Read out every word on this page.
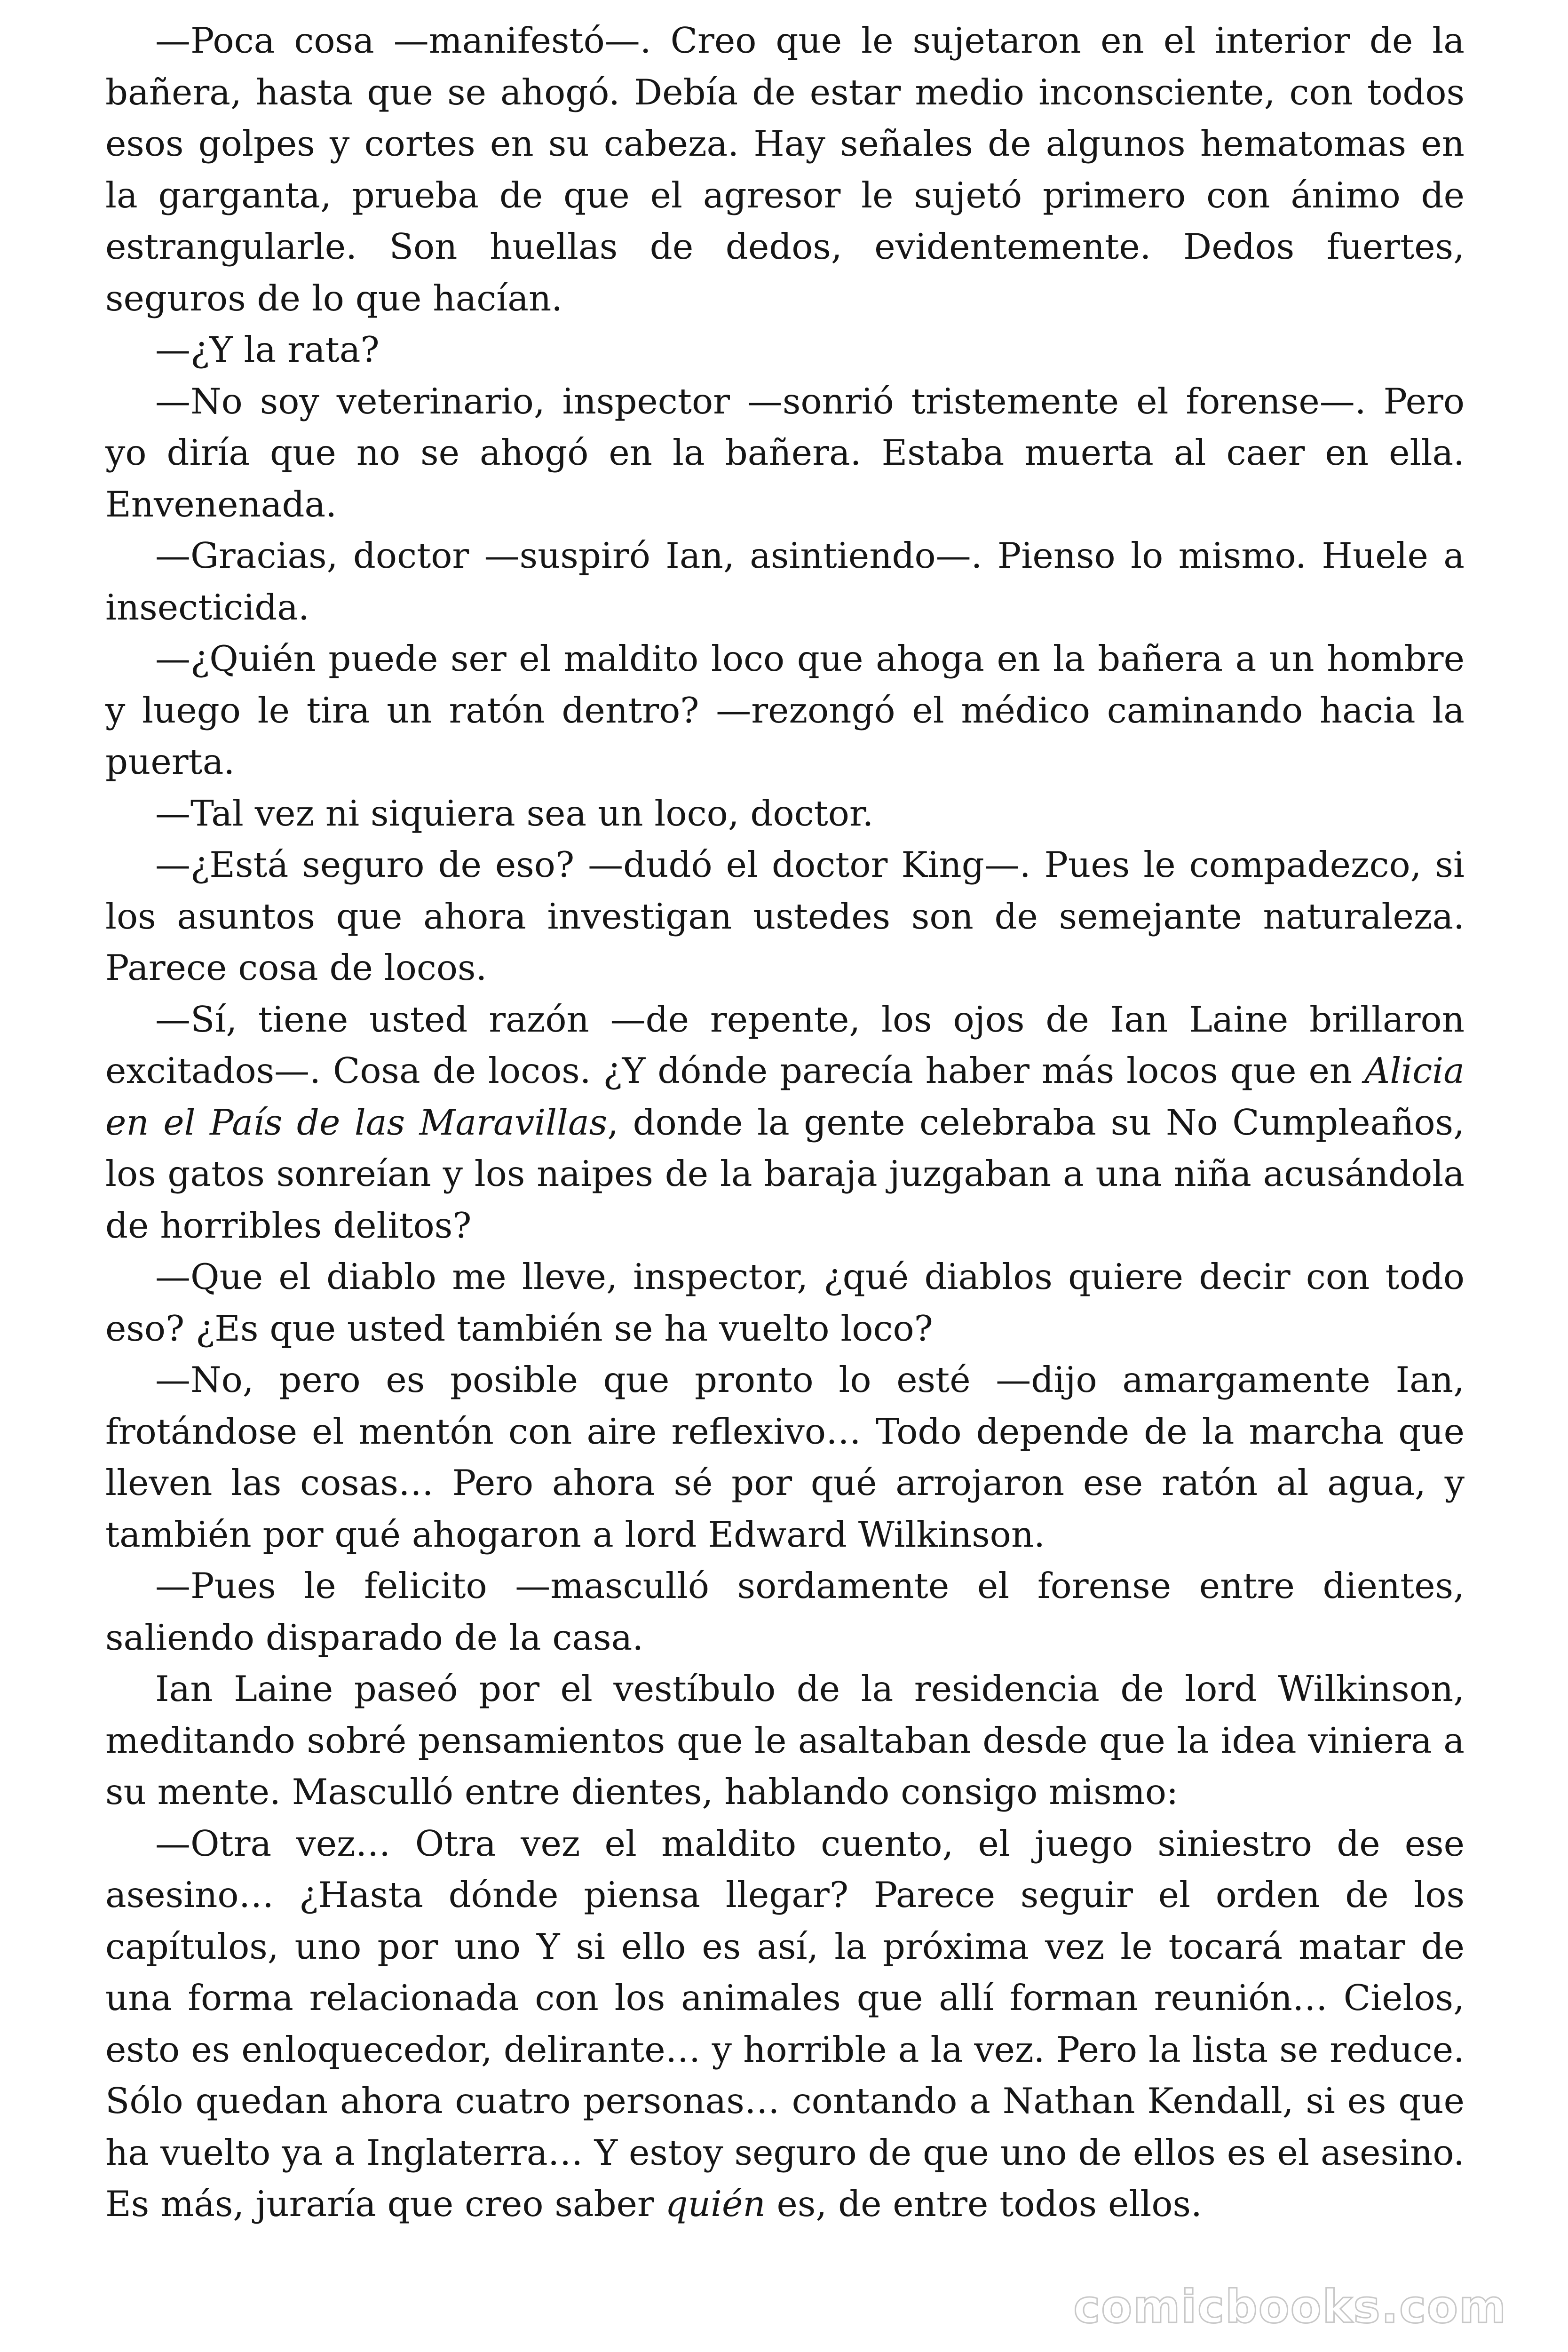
—Poca cosa —manifestó—. Creo que le sujetaron en el interior de la bañera, hasta que se ahogó. Debía de estar medio inconsciente, con todos esos golpes y cortes en su cabeza. Hay señales de algunos hematomas en la garganta, prueba de que el agresor le sujetó primero con ánimo de estrangularle. Son huellas de dedos, evidentemente. Dedos fuertes, seguros de lo que hacían.

—¿Y la rata?

—No soy veterinario, inspector —sonrió tristemente el forense—. Pero yo diría que no se ahogó en la bañera. Estaba muerta al caer en ella. Envenenada.

—Gracias, doctor —suspiró Ian, asintiendo—. Pienso lo mismo. Huele a insecticida.

—¿Quién puede ser el maldito loco que ahoga en la bañera a un hombre y luego le tira un ratón dentro? —rezongó el médico caminando hacia la puerta.

—Tal vez ni siquiera sea un loco, doctor.

—¿Está seguro de eso? —dudó el doctor King—. Pues le compadezco, si los asuntos que ahora investigan ustedes son de semejante naturaleza. Parece cosa de locos.

—Sí, tiene usted razón —de repente, los ojos de Ian Laine brillaron excitados—. Cosa de locos. ¿Y dónde parecía haber más locos que en Alicia en el País de las Maravillas, donde la gente celebraba su No Cumpleaños, los gatos sonreían y los naipes de la baraja juzgaban a una niña acusándola de horribles delitos?

—Que el diablo me lleve, inspector, ¿qué diablos quiere decir con todo eso? ¿Es que usted también se ha vuelto loco?

—No, pero es posible que pronto lo esté —dijo amargamente Ian, frotándose el mentón con aire reflexivo… Todo depende de la marcha que lleven las cosas… Pero ahora sé por qué arrojaron ese ratón al agua, y también por qué ahogaron a lord Edward Wilkinson.

—Pues le felicito —masculló sordamente el forense entre dientes, saliendo disparado de la casa.

Ian Laine paseó por el vestíbulo de la residencia de lord Wilkinson, meditando sobré pensamientos que le asaltaban desde que la idea viniera a su mente. Masculló entre dientes, hablando consigo mismo:

—Otra vez… Otra vez el maldito cuento, el juego siniestro de ese asesino… ¿Hasta dónde piensa llegar? Parece seguir el orden de los capítulos, uno por uno Y si ello es así, la próxima vez le tocará matar de una forma relacionada con los animales que allí forman reunión… Cielos, esto es enloquecedor, delirante… y horrible a la vez. Pero la lista se reduce. Sólo quedan ahora cuatro personas… contando a Nathan Kendall, si es que ha vuelto ya a Inglaterra… Y estoy seguro de que uno de ellos es el asesino. Es más, juraría que creo saber quién es, de entre todos ellos.

comicbooks.com
